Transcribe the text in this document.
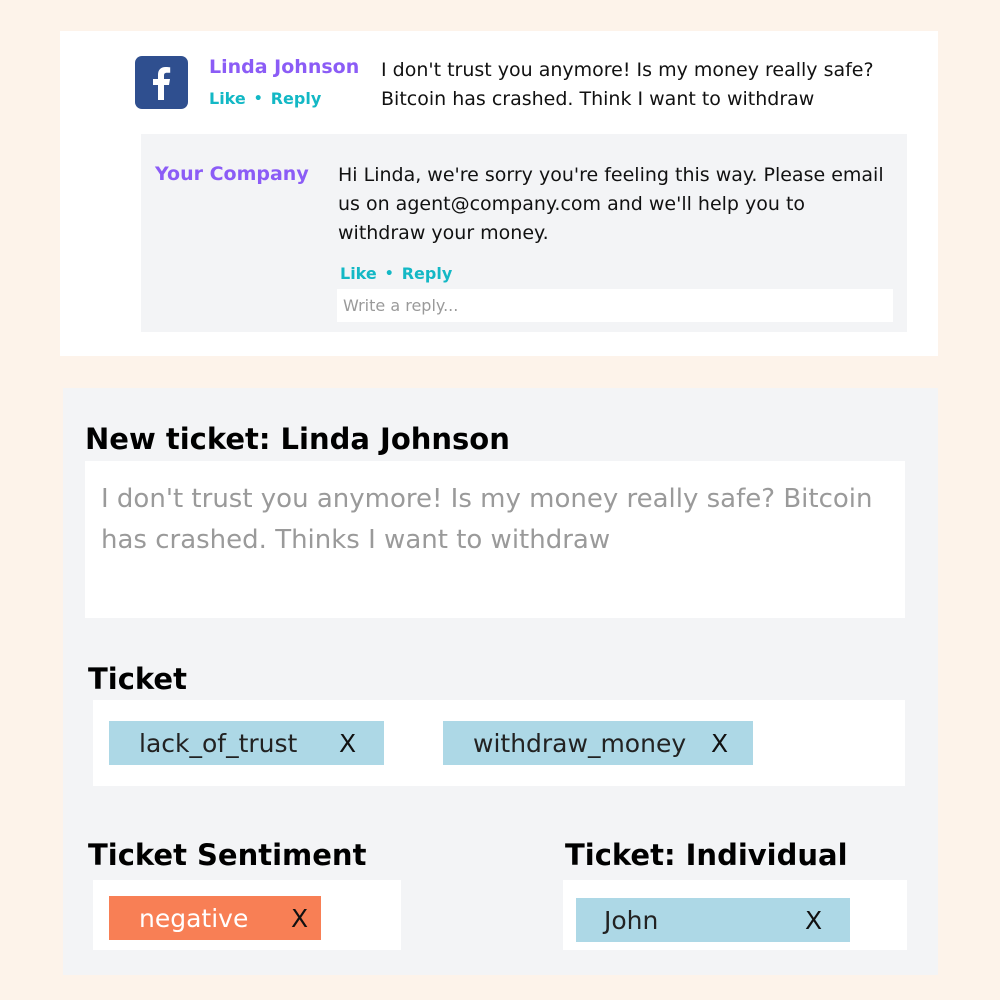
Linda Johnson
Like • Reply
I don't trust you anymore! Is my money really safe? Bitcoin has crashed. Think I want to withdraw
Your Company Hi Linda, we're sorry you're feeling this way. Please email us on agent@company.com and we'll help you to withdraw your money.
Like • Reply
Write a reply...
New ticket: Linda Johnson
I don't trust you anymore! Is my money really safe? Bitcoin has crashed. Thinks I want to withdraw
Ticket
lack_of_trust X	withdraw_money X
Ticket Sentiment
negative X
Ticket: Individual
John	X
